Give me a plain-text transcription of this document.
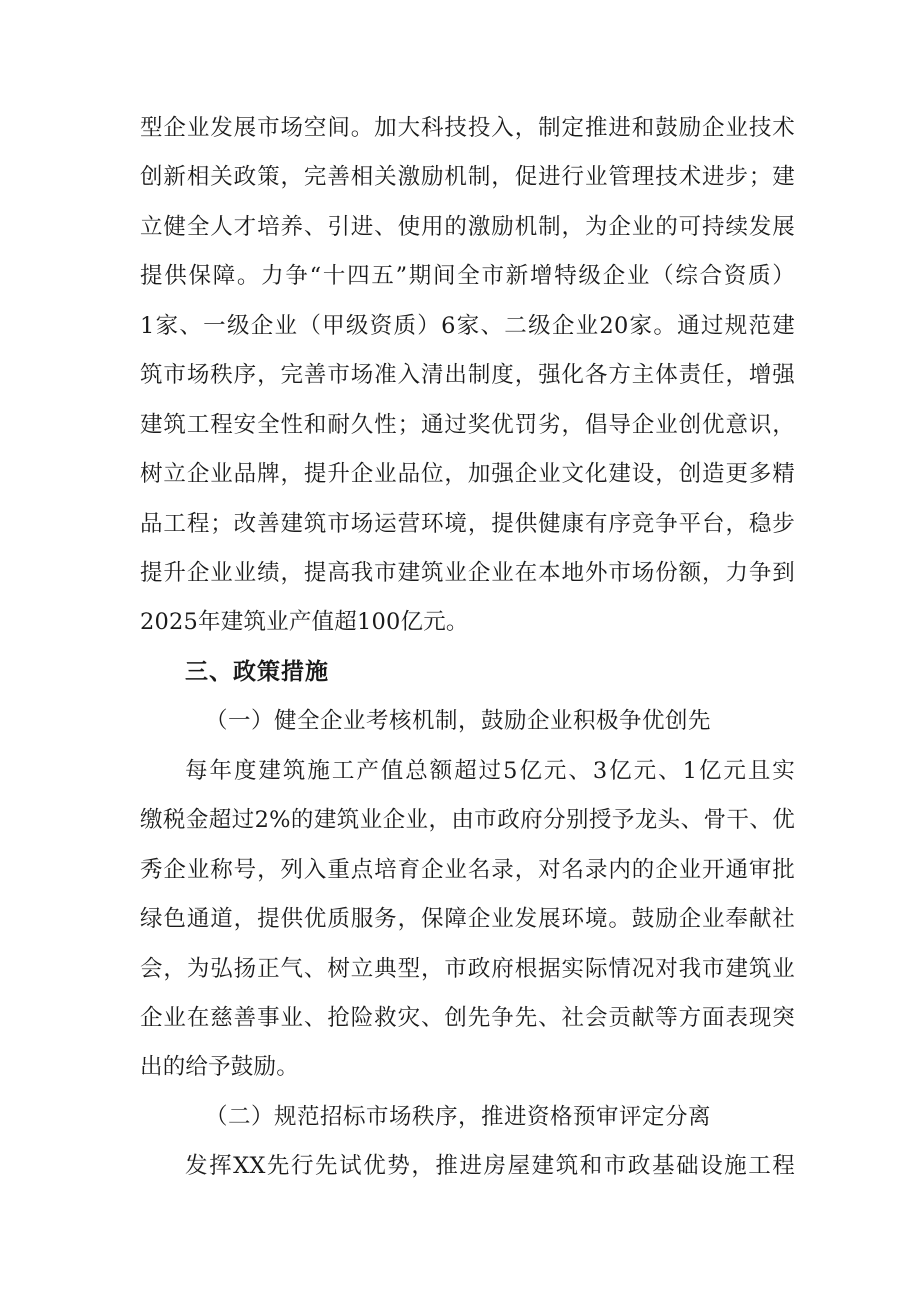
型企业发展市场空间。加大科技投入，制定推进和鼓励企业技术
创新相关政策，完善相关激励机制，促进行业管理技术进步；建
立健全人才培养、引进、使用的激励机制，为企业的可持续发展
提供保障。力争“十四五”期间全市新增特级企业（综合资质）
1家、一级企业（甲级资质）6家、二级企业20家。通过规范建
筑市场秩序，完善市场准入清出制度，强化各方主体责任，增强
建筑工程安全性和耐久性；通过奖优罚劣，倡导企业创优意识，
树立企业品牌，提升企业品位，加强企业文化建设，创造更多精
品工程；改善建筑市场运营环境，提供健康有序竞争平台，稳步
提升企业业绩，提高我市建筑业企业在本地外市场份额，力争到
2025年建筑业产值超100亿元。
三、政策措施
（一）健全企业考核机制，鼓励企业积极争优创先
每年度建筑施工产值总额超过5亿元、3亿元、1亿元且实
缴税金超过2%的建筑业企业，由市政府分别授予龙头、骨干、优
秀企业称号，列入重点培育企业名录，对名录内的企业开通审批
绿色通道，提供优质服务，保障企业发展环境。鼓励企业奉献社
会，为弘扬正气、树立典型，市政府根据实际情况对我市建筑业
企业在慈善事业、抢险救灾、创先争先、社会贡献等方面表现突
出的给予鼓励。
（二）规范招标市场秩序，推进资格预审评定分离
发挥XX先行先试优势，推进房屋建筑和市政基础设施工程
